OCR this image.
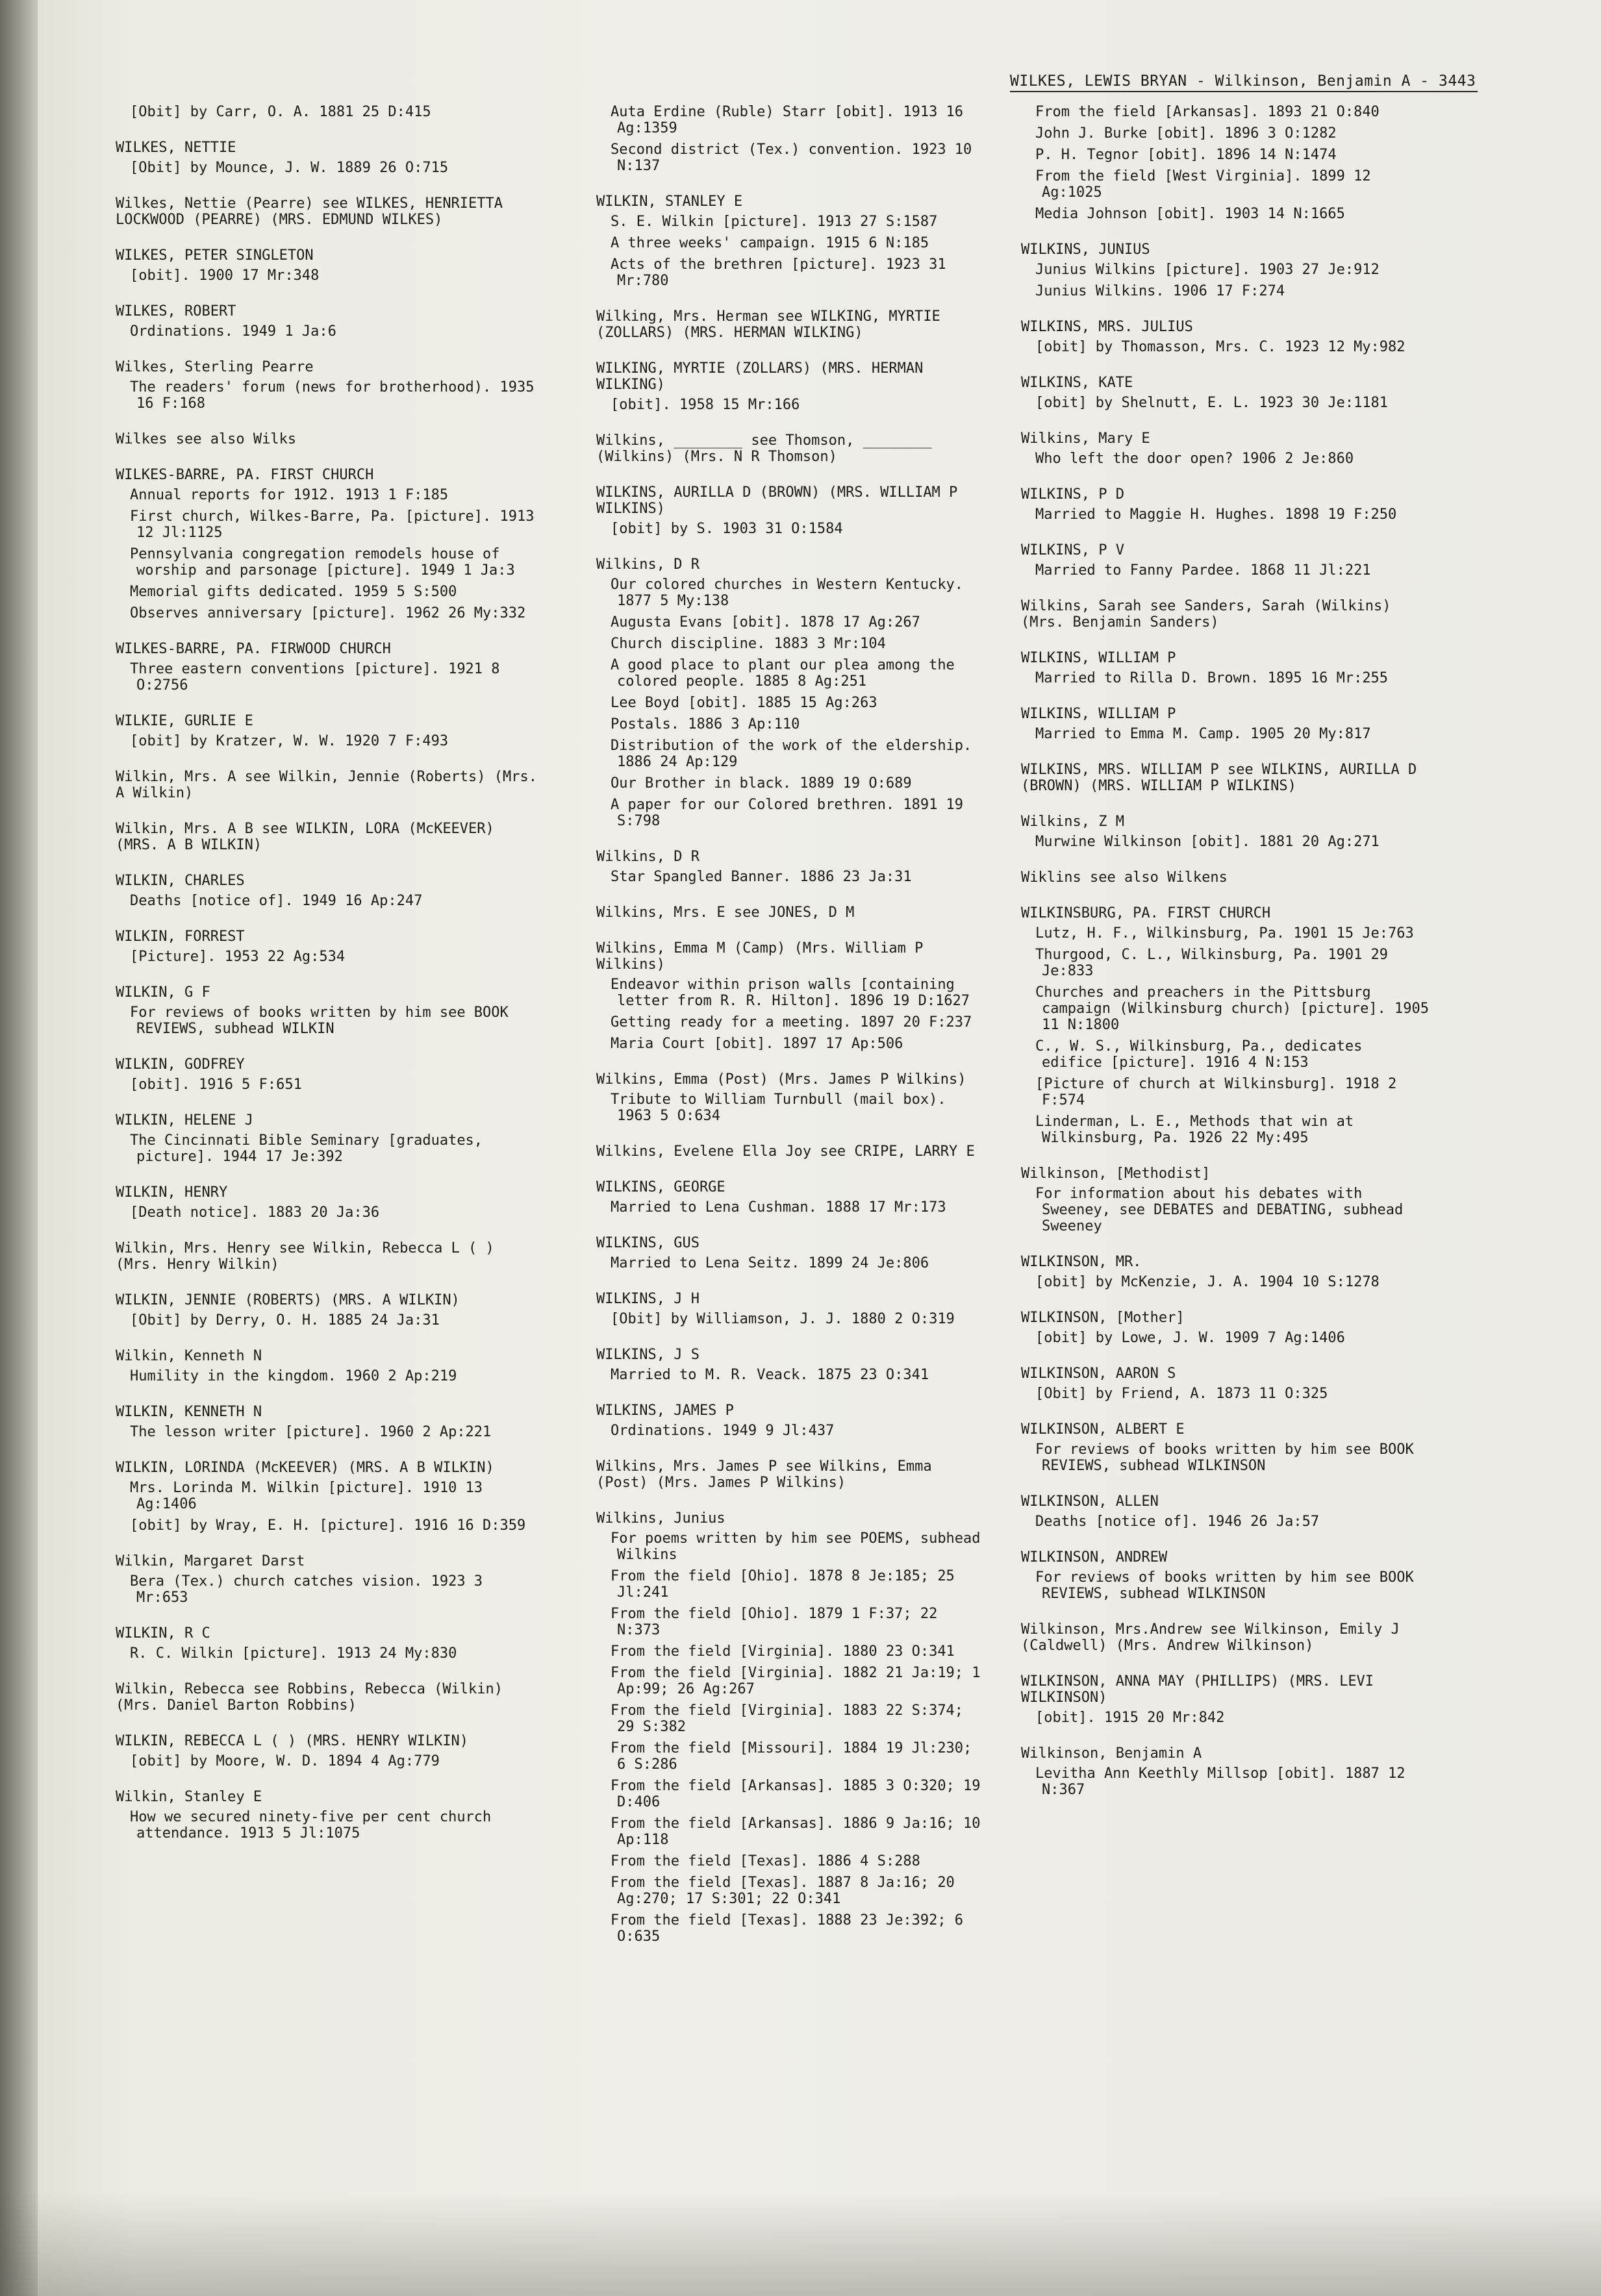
WILKES, LEWIS BRYAN - Wilkinson, Benjamin A - 3443
[Obit] by Carr, O. A. 1881 25 D:415
WILKES, NETTIE
[Obit] by Mounce, J. W. 1889 26 O:715
Wilkes, Nettie (Pearre) see WILKES, HENRIETTA LOCKWOOD (PEARRE) (MRS. EDMUND WILKES)
WILKES, PETER SINGLETON
[obit]. 1900 17 Mr:348
WILKES, ROBERT
Ordinations. 1949 1 Ja:6
Wilkes, Sterling Pearre
The readers' forum (news for brotherhood). 1935 16 F:168
Wilkes see also Wilks
WILKES-BARRE, PA. FIRST CHURCH
Annual reports for 1912. 1913 1 F:185
First church, Wilkes-Barre, Pa. [picture]. 1913 12 Jl:1125
Pennsylvania congregation remodels house of worship and parsonage [picture]. 1949 1 Ja:3
Memorial gifts dedicated. 1959 5 S:500
Observes anniversary [picture]. 1962 26 My:332
WILKES-BARRE, PA. FIRWOOD CHURCH
Three eastern conventions [picture]. 1921 8 O:2756
WILKIE, GURLIE E
[obit] by Kratzer, W. W. 1920 7 F:493
Wilkin, Mrs. A see Wilkin, Jennie (Roberts) (Mrs. A Wilkin)
Wilkin, Mrs. A B see WILKIN, LORA (McKEEVER) (MRS. A B WILKIN)
WILKIN, CHARLES
Deaths [notice of]. 1949 16 Ap:247
WILKIN, FORREST
[Picture]. 1953 22 Ag:534
WILKIN, G F
For reviews of books written by him see BOOK REVIEWS, subhead WILKIN
WILKIN, GODFREY
[obit]. 1916 5 F:651
WILKIN, HELENE J
The Cincinnati Bible Seminary [graduates, picture]. 1944 17 Je:392
WILKIN, HENRY
[Death notice]. 1883 20 Ja:36
Wilkin, Mrs. Henry see Wilkin, Rebecca L ( ) (Mrs. Henry Wilkin)
WILKIN, JENNIE (ROBERTS) (MRS. A WILKIN)
[Obit] by Derry, O. H. 1885 24 Ja:31
Wilkin, Kenneth N
Humility in the kingdom. 1960 2 Ap:219
WILKIN, KENNETH N
The lesson writer [picture]. 1960 2 Ap:221
WILKIN, LORINDA (McKEEVER) (MRS. A B WILKIN)
Mrs. Lorinda M. Wilkin [picture]. 1910 13 Ag:1406
[obit] by Wray, E. H. [picture]. 1916 16 D:359
Wilkin, Margaret Darst
Bera (Tex.) church catches vision. 1923 3 Mr:653
WILKIN, R C
R. C. Wilkin [picture]. 1913 24 My:830
Wilkin, Rebecca see Robbins, Rebecca (Wilkin) (Mrs. Daniel Barton Robbins)
WILKIN, REBECCA L ( ) (MRS. HENRY WILKIN)
[obit] by Moore, W. D. 1894 4 Ag:779
Wilkin, Stanley E
How we secured ninety-five per cent church attendance. 1913 5 Jl:1075
Auta Erdine (Ruble) Starr [obit]. 1913 16 Ag:1359
Second district (Tex.) convention. 1923 10 N:137
WILKIN, STANLEY E
S. E. Wilkin [picture]. 1913 27 S:1587
A three weeks' campaign. 1915 6 N:185
Acts of the brethren [picture]. 1923 31 Mr:780
Wilking, Mrs. Herman see WILKING, MYRTIE (ZOLLARS) (MRS. HERMAN WILKING)
WILKING, MYRTIE (ZOLLARS) (MRS. HERMAN WILKING)
[obit]. 1958 15 Mr:166
Wilkins, ________ see Thomson, ________ (Wilkins) (Mrs. N R Thomson)
WILKINS, AURILLA D (BROWN) (MRS. WILLIAM P WILKINS)
[obit] by S. 1903 31 O:1584
Wilkins, D R
Our colored churches in Western Kentucky. 1877 5 My:138
Augusta Evans [obit]. 1878 17 Ag:267
Church discipline. 1883 3 Mr:104
A good place to plant our plea among the colored people. 1885 8 Ag:251
Lee Boyd [obit]. 1885 15 Ag:263
Postals. 1886 3 Ap:110
Distribution of the work of the eldership. 1886 24 Ap:129
Our Brother in black. 1889 19 O:689
A paper for our Colored brethren. 1891 19 S:798
Wilkins, D R
Star Spangled Banner. 1886 23 Ja:31
Wilkins, Mrs. E see JONES, D M
Wilkins, Emma M (Camp) (Mrs. William P Wilkins)
Endeavor within prison walls [containing letter from R. R. Hilton]. 1896 19 D:1627
Getting ready for a meeting. 1897 20 F:237
Maria Court [obit]. 1897 17 Ap:506
Wilkins, Emma (Post) (Mrs. James P Wilkins)
Tribute to William Turnbull (mail box). 1963 5 O:634
Wilkins, Evelene Ella Joy see CRIPE, LARRY E
WILKINS, GEORGE
Married to Lena Cushman. 1888 17 Mr:173
WILKINS, GUS
Married to Lena Seitz. 1899 24 Je:806
WILKINS, J H
[Obit] by Williamson, J. J. 1880 2 O:319
WILKINS, J S
Married to M. R. Veack. 1875 23 O:341
WILKINS, JAMES P
Ordinations. 1949 9 Jl:437
Wilkins, Mrs. James P see Wilkins, Emma (Post) (Mrs. James P Wilkins)
Wilkins, Junius
For poems written by him see POEMS, subhead Wilkins
From the field [Ohio]. 1878 8 Je:185; 25 Jl:241
From the field [Ohio]. 1879 1 F:37; 22 N:373
From the field [Virginia]. 1880 23 O:341
From the field [Virginia]. 1882 21 Ja:19; 1 Ap:99; 26 Ag:267
From the field [Virginia]. 1883 22 S:374; 29 S:382
From the field [Missouri]. 1884 19 Jl:230; 6 S:286
From the field [Arkansas]. 1885 3 O:320; 19 D:406
From the field [Arkansas]. 1886 9 Ja:16; 10 Ap:118
From the field [Texas]. 1886 4 S:288
From the field [Texas]. 1887 8 Ja:16; 20 Ag:270; 17 S:301; 22 O:341
From the field [Texas]. 1888 23 Je:392; 6 O:635
From the field [Arkansas]. 1893 21 O:840
John J. Burke [obit]. 1896 3 O:1282
P. H. Tegnor [obit]. 1896 14 N:1474
From the field [West Virginia]. 1899 12 Ag:1025
Media Johnson [obit]. 1903 14 N:1665
WILKINS, JUNIUS
Junius Wilkins [picture]. 1903 27 Je:912
Junius Wilkins. 1906 17 F:274
WILKINS, MRS. JULIUS
[obit] by Thomasson, Mrs. C. 1923 12 My:982
WILKINS, KATE
[obit] by Shelnutt, E. L. 1923 30 Je:1181
Wilkins, Mary E
Who left the door open? 1906 2 Je:860
WILKINS, P D
Married to Maggie H. Hughes. 1898 19 F:250
WILKINS, P V
Married to Fanny Pardee. 1868 11 Jl:221
Wilkins, Sarah see Sanders, Sarah (Wilkins) (Mrs. Benjamin Sanders)
WILKINS, WILLIAM P
Married to Rilla D. Brown. 1895 16 Mr:255
WILKINS, WILLIAM P
Married to Emma M. Camp. 1905 20 My:817
WILKINS, MRS. WILLIAM P see WILKINS, AURILLA D (BROWN) (MRS. WILLIAM P WILKINS)
Wilkins, Z M
Murwine Wilkinson [obit]. 1881 20 Ag:271
Wiklins see also Wilkens
WILKINSBURG, PA. FIRST CHURCH
Lutz, H. F., Wilkinsburg, Pa. 1901 15 Je:763
Thurgood, C. L., Wilkinsburg, Pa. 1901 29 Je:833
Churches and preachers in the Pittsburg campaign (Wilkinsburg church) [picture]. 1905 11 N:1800
C., W. S., Wilkinsburg, Pa., dedicates edifice [picture]. 1916 4 N:153
[Picture of church at Wilkinsburg]. 1918 2 F:574
Linderman, L. E., Methods that win at Wilkinsburg, Pa. 1926 22 My:495
Wilkinson, [Methodist]
For information about his debates with Sweeney, see DEBATES and DEBATING, subhead Sweeney
WILKINSON, MR.
[obit] by McKenzie, J. A. 1904 10 S:1278
WILKINSON, [Mother]
[obit] by Lowe, J. W. 1909 7 Ag:1406
WILKINSON, AARON S
[Obit] by Friend, A. 1873 11 O:325
WILKINSON, ALBERT E
For reviews of books written by him see BOOK REVIEWS, subhead WILKINSON
WILKINSON, ALLEN
Deaths [notice of]. 1946 26 Ja:57
WILKINSON, ANDREW
For reviews of books written by him see BOOK REVIEWS, subhead WILKINSON
Wilkinson, Mrs.Andrew see Wilkinson, Emily J (Caldwell) (Mrs. Andrew Wilkinson)
WILKINSON, ANNA MAY (PHILLIPS) (MRS. LEVI WILKINSON)
[obit]. 1915 20 Mr:842
Wilkinson, Benjamin A
Levitha Ann Keethly Millsop [obit]. 1887 12 N:367
